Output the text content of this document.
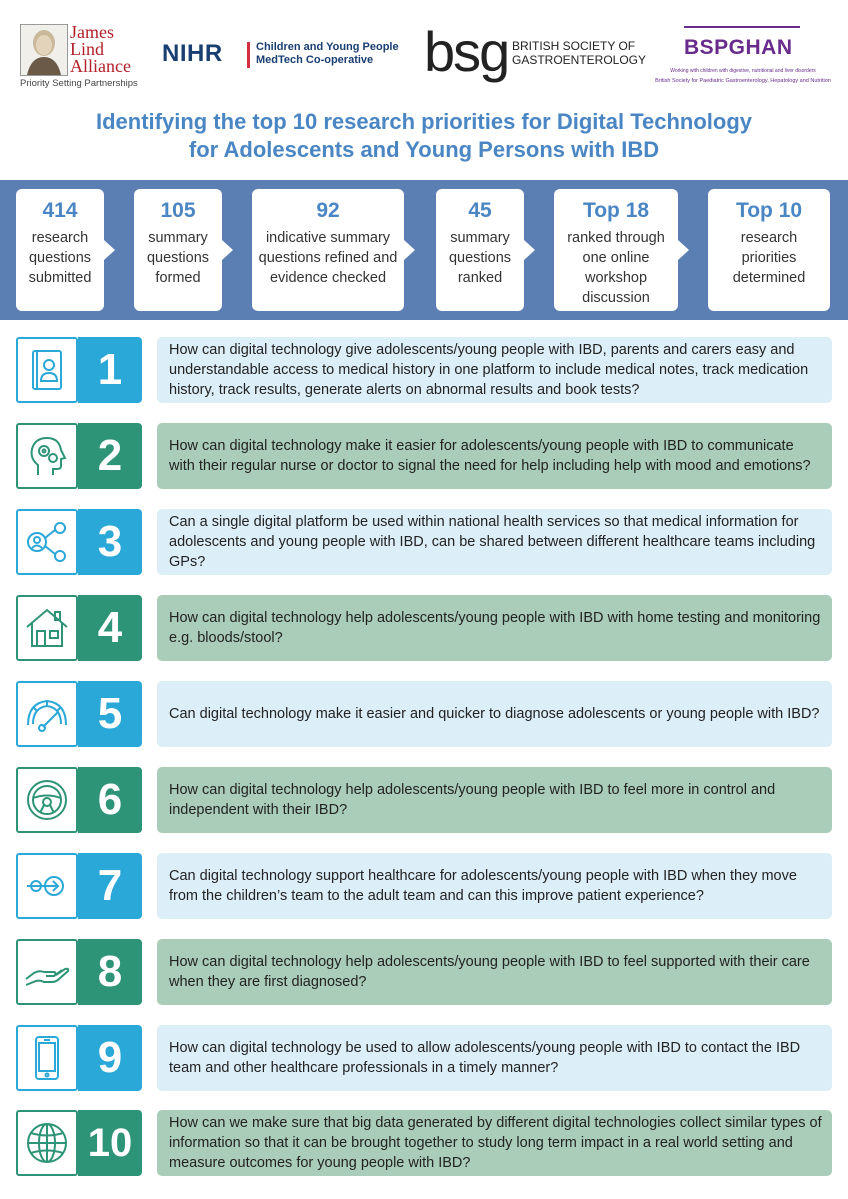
James Lind Alliance
Priority Setting Partnerships
NIHR	Children and Young People
MedTech Co-operative bsg BRITISH SOCIETY OF
GASTROENTEROLOGY
BSPGHAN
Working with children with digestive, nutritional and liver disorders
British Society for Paediatric Gastroenterology, Hepatology and Nutrition
Identifying the top 10 research priorities for Digital Technology
for Adolescents and Young Persons with IBD
414
research questions submitted
105
summary questions formed
92
indicative summary questions refined and evidence checked
45
summary questions ranked
Top 18
ranked through one online workshop discussion
Top 10
research priorities determined
1	How can digital technology give adolescents/young people with IBD, parents and carers easy and understandable access to medical history in one platform to include medical notes, track medication history, track results, generate alerts on abnormal results and book tests?
2	How can digital technology make it easier for adolescents/young people with IBD to communicate with their regular nurse or doctor to signal the need for help including help with mood and emotions?
3	Can a single digital platform be used within national health services so that medical information for adolescents and young people with IBD, can be shared between different healthcare teams including GPs?
4	How can digital technology help adolescents/young people with IBD with home testing and monitoring e.g. bloods/stool?
5	Can digital technology make it easier and quicker to diagnose adolescents or young people with IBD?
6	How can digital technology help adolescents/young people with IBD to feel more in control and independent with their IBD?
7	Can digital technology support healthcare for adolescents/young people with IBD when they move from the children’s team to the adult team and can this improve patient experience?
8	How can digital technology help adolescents/young people with IBD to feel supported with their care when they are first diagnosed?
9	How can digital technology be used to allow adolescents/young people with IBD to contact the IBD team and other healthcare professionals in a timely manner?
10	How can we make sure that big data generated by different digital technologies collect similar types of information so that it can be brought together to study long term impact in a real world setting and measure outcomes for young people with IBD?
